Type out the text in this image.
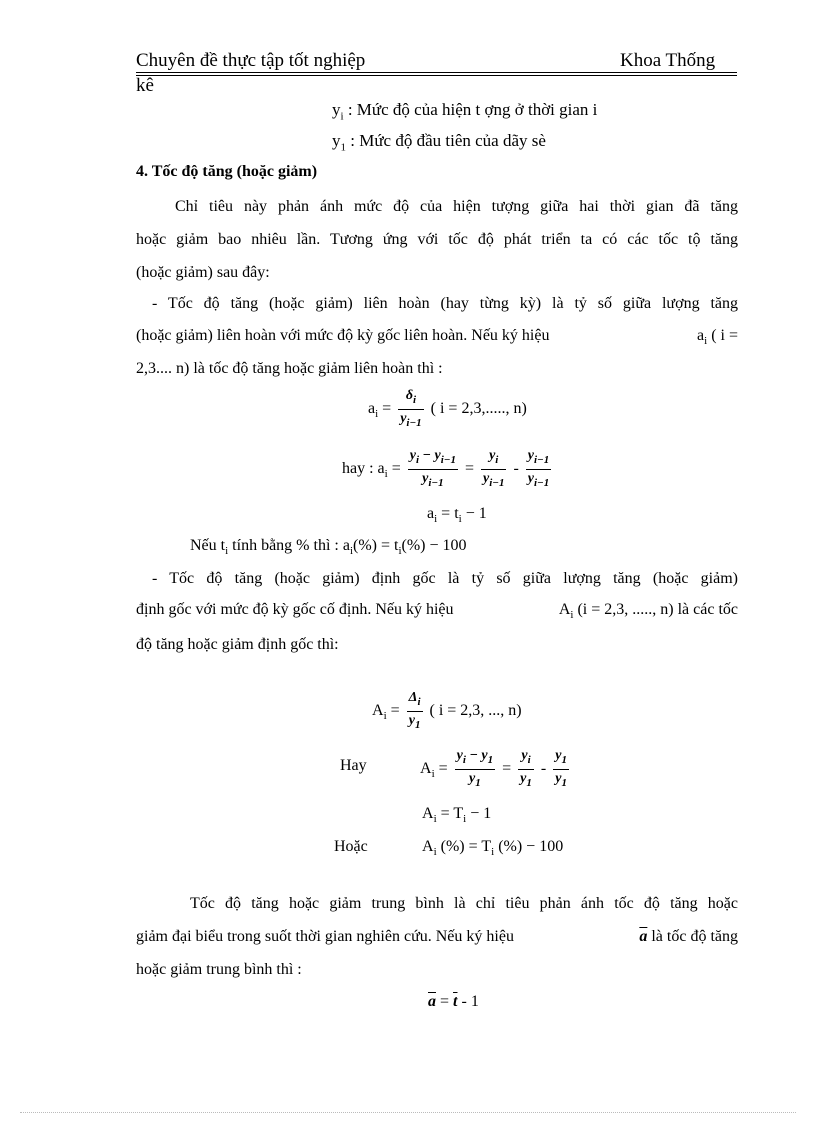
Chuyên đề thực tập tốt nghiệp	Khoa Thống
kê
$y_i$ : Mức độ của hiện t ợng ở thời gian i
$y_1$ : Mức độ đầu tiên của dãy sè
4. Tốc độ tăng (hoặc giảm)
Chỉ tiêu này phản ánh mức độ của hiện tượng giữa hai thời gian đã tăng
hoặc giảm bao nhiêu lần. Tương ứng với tốc độ phát triển ta có các tốc tộ tăng
(hoặc giảm) sau đây:
- Tốc độ tăng (hoặc giảm) liên hoàn (hay từng kỳ) là tỷ số giữa lượng tăng
(hoặc giảm) liên hoàn với mức độ kỳ gốc liên hoàn. Nếu ký hiệu	$a_i$ ( i =
2,3.... n) là tốc độ tăng hoặc giảm liên hoàn thì :
$a_i = \frac{\delta_i}{y_{i-1}}$ ( i = 2,3,....., n)
hay : $a_i = \frac{y_i - y_{i-1}}{y_{i-1}} = \frac{y_i}{y_{i-1}} - \frac{y_{i-1}}{y_{i-1}}$
$a_i = t_i - 1$
Nếu $t_i$ tính bằng % thì : $a_i(\%) = t_i(\%) - 100$
- Tốc độ tăng (hoặc giảm) định gốc là tỷ số giữa lượng tăng (hoặc giảm)
định gốc với mức độ kỳ gốc cố định. Nếu ký hiệu	$A_i$ (i = 2,3, ....., n) là các tốc
độ tăng hoặc giảm định gốc thì:
$A_i = \frac{\Delta_i}{y_1}$ ( i = 2,3, ..., n)
Hay	$A_i = \frac{y_i - y_1}{y_1} = \frac{y_i}{y_1} - \frac{y_1}{y_1}$
$A_i = T_i - 1$
Hoặc	$A_i$ (%) = $T_i$ (%) − 100
Tốc độ tăng hoặc giảm trung bình là chỉ tiêu phản ánh tốc độ tăng hoặc
giảm đại biểu trong suốt thời gian nghiên cứu. Nếu ký hiệu	$\overline{a}$ là tốc độ tăng
hoặc giảm trung bình thì :
$\overline{a} = \overline{t} - 1$
